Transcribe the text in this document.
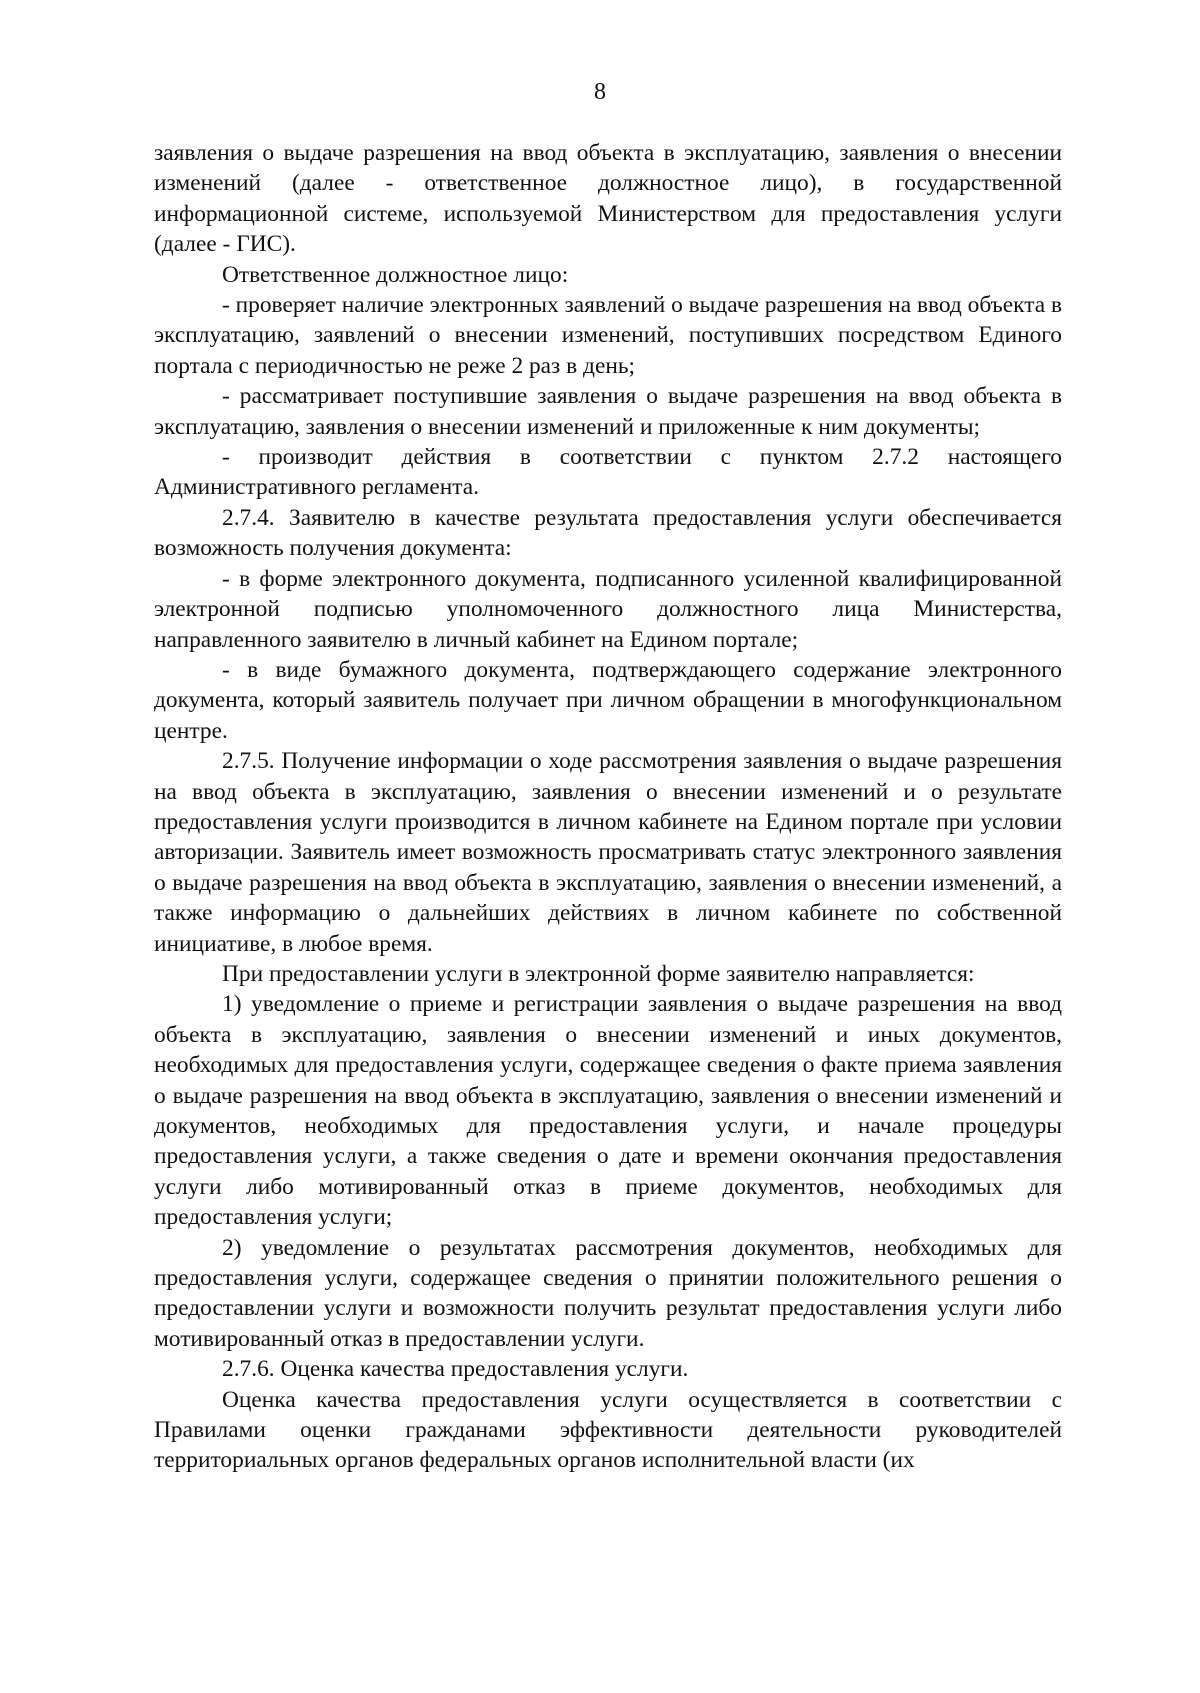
8

заявления о выдаче разрешения на ввод объекта в эксплуатацию, заявления о внесении изменений (далее - ответственное должностное лицо), в государственной информационной системе, используемой Министерством для предоставления услуги (далее - ГИС).

Ответственное должностное лицо:

- проверяет наличие электронных заявлений о выдаче разрешения на ввод объекта в эксплуатацию, заявлений о внесении изменений, поступивших посредством Единого портала с периодичностью не реже 2 раз в день;

- рассматривает поступившие заявления о выдаче разрешения на ввод объекта в эксплуатацию, заявления о внесении изменений и приложенные к ним документы;

- производит действия в соответствии с пунктом 2.7.2 настоящего Административного регламента.

2.7.4. Заявителю в качестве результата предоставления услуги обеспечивается возможность получения документа:

- в форме электронного документа, подписанного усиленной квалифицированной электронной подписью уполномоченного должностного лица Министерства, направленного заявителю в личный кабинет на Едином портале;

- в виде бумажного документа, подтверждающего содержание электронного документа, который заявитель получает при личном обращении в многофункциональном центре.

2.7.5. Получение информации о ходе рассмотрения заявления о выдаче разрешения на ввод объекта в эксплуатацию, заявления о внесении изменений и о результате предоставления услуги производится в личном кабинете на Едином портале при условии авторизации. Заявитель имеет возможность просматривать статус электронного заявления о выдаче разрешения на ввод объекта в эксплуатацию, заявления о внесении изменений, а также информацию о дальнейших действиях в личном кабинете по собственной инициативе, в любое время.

При предоставлении услуги в электронной форме заявителю направляется:

1) уведомление о приеме и регистрации заявления о выдаче разрешения на ввод объекта в эксплуатацию, заявления о внесении изменений и иных документов, необходимых для предоставления услуги, содержащее сведения о факте приема заявления о выдаче разрешения на ввод объекта в эксплуатацию, заявления о внесении изменений и документов, необходимых для предоставления услуги, и начале процедуры предоставления услуги, а также сведения о дате и времени окончания предоставления услуги либо мотивированный отказ в приеме документов, необходимых для предоставления услуги;

2) уведомление о результатах рассмотрения документов, необходимых для предоставления услуги, содержащее сведения о принятии положительного решения о предоставлении услуги и возможности получить результат предоставления услуги либо мотивированный отказ в предоставлении услуги.

2.7.6. Оценка качества предоставления услуги.

Оценка качества предоставления услуги осуществляется в соответствии с Правилами оценки гражданами эффективности деятельности руководителей территориальных органов федеральных органов исполнительной власти (их
